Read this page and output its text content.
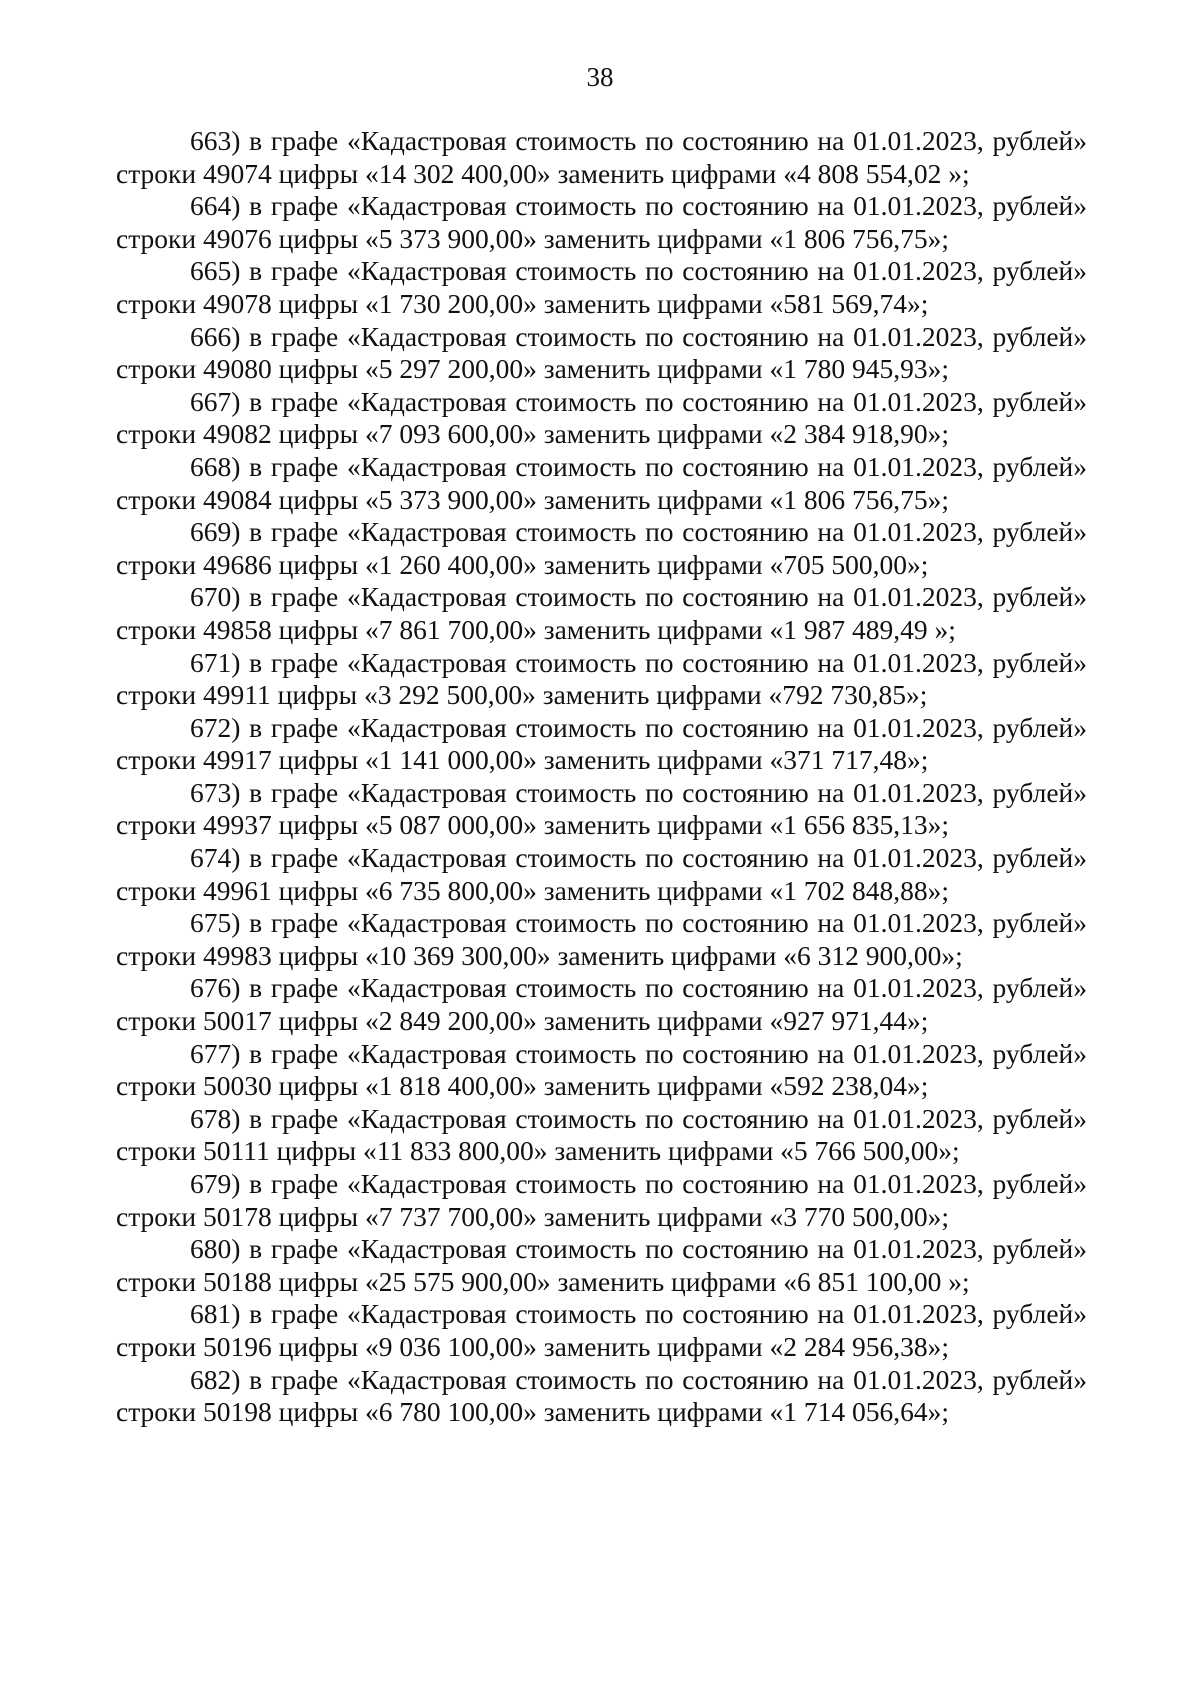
38

663) в графе «Кадастровая стоимость по состоянию на 01.01.2023, рублей» строки 49074 цифры «14 302 400,00» заменить цифрами «4 808 554,02 »;

664) в графе «Кадастровая стоимость по состоянию на 01.01.2023, рублей» строки 49076 цифры «5 373 900,00» заменить цифрами «1 806 756,75»;

665) в графе «Кадастровая стоимость по состоянию на 01.01.2023, рублей» строки 49078 цифры «1 730 200,00» заменить цифрами «581 569,74»;

666) в графе «Кадастровая стоимость по состоянию на 01.01.2023, рублей» строки 49080 цифры «5 297 200,00» заменить цифрами «1 780 945,93»;

667) в графе «Кадастровая стоимость по состоянию на 01.01.2023, рублей» строки 49082 цифры «7 093 600,00» заменить цифрами «2 384 918,90»;

668) в графе «Кадастровая стоимость по состоянию на 01.01.2023, рублей» строки 49084 цифры «5 373 900,00» заменить цифрами «1 806 756,75»;

669) в графе «Кадастровая стоимость по состоянию на 01.01.2023, рублей» строки 49686 цифры «1 260 400,00» заменить цифрами «705 500,00»;

670) в графе «Кадастровая стоимость по состоянию на 01.01.2023, рублей» строки 49858 цифры «7 861 700,00» заменить цифрами «1 987 489,49 »;

671) в графе «Кадастровая стоимость по состоянию на 01.01.2023, рублей» строки 49911 цифры «3 292 500,00» заменить цифрами «792 730,85»;

672) в графе «Кадастровая стоимость по состоянию на 01.01.2023, рублей» строки 49917 цифры «1 141 000,00» заменить цифрами «371 717,48»;

673) в графе «Кадастровая стоимость по состоянию на 01.01.2023, рублей» строки 49937 цифры «5 087 000,00» заменить цифрами «1 656 835,13»;

674) в графе «Кадастровая стоимость по состоянию на 01.01.2023, рублей» строки 49961 цифры «6 735 800,00» заменить цифрами «1 702 848,88»;

675) в графе «Кадастровая стоимость по состоянию на 01.01.2023, рублей» строки 49983 цифры «10 369 300,00» заменить цифрами «6 312 900,00»;

676) в графе «Кадастровая стоимость по состоянию на 01.01.2023, рублей» строки 50017 цифры «2 849 200,00» заменить цифрами «927 971,44»;

677) в графе «Кадастровая стоимость по состоянию на 01.01.2023, рублей» строки 50030 цифры «1 818 400,00» заменить цифрами «592 238,04»;

678) в графе «Кадастровая стоимость по состоянию на 01.01.2023, рублей» строки 50111 цифры «11 833 800,00» заменить цифрами «5 766 500,00»;

679) в графе «Кадастровая стоимость по состоянию на 01.01.2023, рублей» строки 50178 цифры «7 737 700,00» заменить цифрами «3 770 500,00»;

680) в графе «Кадастровая стоимость по состоянию на 01.01.2023, рублей» строки 50188 цифры «25 575 900,00» заменить цифрами «6 851 100,00 »;

681) в графе «Кадастровая стоимость по состоянию на 01.01.2023, рублей» строки 50196 цифры «9 036 100,00» заменить цифрами «2 284 956,38»;

682) в графе «Кадастровая стоимость по состоянию на 01.01.2023, рублей» строки 50198 цифры «6 780 100,00» заменить цифрами «1 714 056,64»;
